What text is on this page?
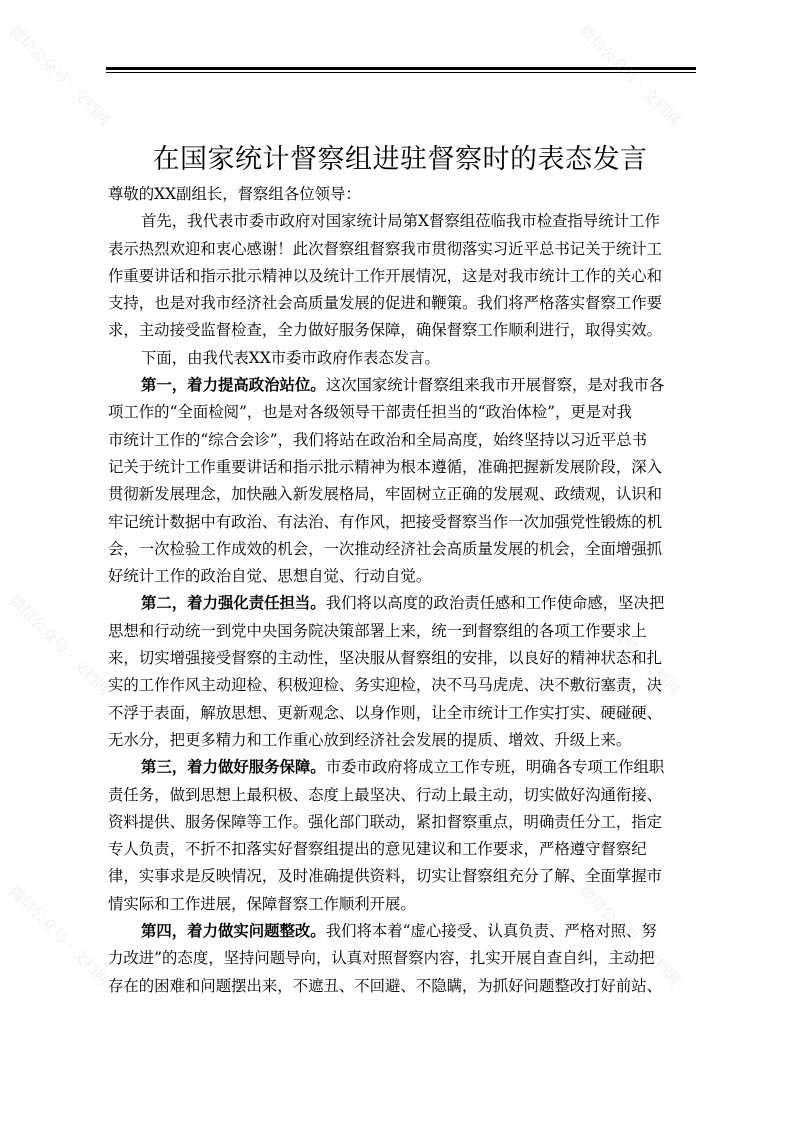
在国家统计督察组进驻督察时的表态发言
尊敬的XX副组长，督察组各位领导：
首先，我代表市委市政府对国家统计局第X督察组莅临我市检查指导统计工作
表示热烈欢迎和衷心感谢！此次督察组督察我市贯彻落实习近平总书记关于统计工
作重要讲话和指示批示精神以及统计工作开展情况，这是对我市统计工作的关心和
支持，也是对我市经济社会高质量发展的促进和鞭策。我们将严格落实督察工作要
求，主动接受监督检查，全力做好服务保障，确保督察工作顺利进行，取得实效。
下面，由我代表XX市委市政府作表态发言。
第一，着力提高政治站位。这次国家统计督察组来我市开展督察，是对我市各
项工作的“全面检阅”，也是对各级领导干部责任担当的“政治体检”，更是对我
市统计工作的“综合会诊”，我们将站在政治和全局高度，始终坚持以习近平总书
记关于统计工作重要讲话和指示批示精神为根本遵循，准确把握新发展阶段，深入
贯彻新发展理念，加快融入新发展格局，牢固树立正确的发展观、政绩观，认识和
牢记统计数据中有政治、有法治、有作风，把接受督察当作一次加强党性锻炼的机
会，一次检验工作成效的机会，一次推动经济社会高质量发展的机会，全面增强抓
好统计工作的政治自觉、思想自觉、行动自觉。
第二，着力强化责任担当。我们将以高度的政治责任感和工作使命感，坚决把
思想和行动统一到党中央国务院决策部署上来，统一到督察组的各项工作要求上
来，切实增强接受督察的主动性，坚决服从督察组的安排，以良好的精神状态和扎
实的工作作风主动迎检、积极迎检、务实迎检，决不马马虎虎、决不敷衍塞责，决
不浮于表面，解放思想、更新观念、以身作则，让全市统计工作实打实、硬碰硬、
无水分，把更多精力和工作重心放到经济社会发展的提质、增效、升级上来。
第三，着力做好服务保障。市委市政府将成立工作专班，明确各专项工作组职
责任务，做到思想上最积极、态度上最坚决、行动上最主动，切实做好沟通衔接、
资料提供、服务保障等工作。强化部门联动，紧扣督察重点，明确责任分工，指定
专人负责，不折不扣落实好督察组提出的意见建议和工作要求，严格遵守督察纪
律，实事求是反映情况，及时准确提供资料，切实让督察组充分了解、全面掌握市
情实际和工作进展，保障督察工作顺利开展。
第四，着力做实问题整改。我们将本着“虚心接受、认真负责、严格对照、努
力改进”的态度，坚持问题导向，认真对照督察内容，扎实开展自查自纠，主动把
存在的困难和问题摆出来，不遮丑、不回避、不隐瞒，为抓好问题整改打好前站、
微信公众号 · 文档网	微信公众号 · 文档网
微信公众号 · 文档网	微信公众号 · 文档网
微信公众号 · 文档网	微信公众号 · 文档网
